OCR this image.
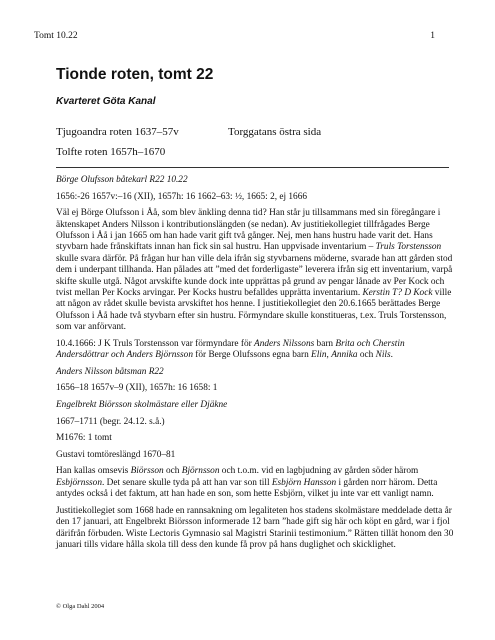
Tomt 10.22	1
Tionde roten, tomt 22
Kvarteret Göta Kanal
Tjugoandra roten 1637–57v	Torggatans östra sida
Tolfte roten 1657h–1670

Börge Olufsson båtekarl R22 10.22

1656:-26 1657v:–16 (XII), 1657h: 16 1662–63: ½, 1665: 2, ej 1666

Väl ej Börge Olufsson i Åå, som blev änkling denna tid? Han står ju tillsammans med sin föregångare i äktenskapet Anders Nilsson i kontributionslängden (se nedan). Av justitiekollegiet tillfrågades Berge Olufsson i Åå i jan 1665 om han hade varit gift två gånger. Nej, men hans hustru hade varit det. Hans styvbarn hade frånskiftats innan han fick sin sal hustru. Han uppvisade inventarium – Truls Torstensson skulle svara därför. På frågan hur han ville dela ifrån sig styvbarnens möderne, svarade han att gården stod dem i underpant tillhanda. Han pålades att ”med det forderligaste” leverera ifrån sig ett inventarium, varpå skifte skulle utgå. Något arvskifte kunde dock inte upprättas på grund av pengar lånade av Per Kock och tvist mellan Per Kocks arvingar. Per Kocks hustru befalldes upprätta inventarium. Kerstin T? D Kock ville att någon av rådet skulle bevista arvskiftet hos henne. I justitiekollegiet den 20.6.1665 berättades Berge Olufsson i Åå hade två styvbarn efter sin hustru. Förmyndare skulle konstitueras, t.ex. Truls Torstensson, som var anförvant.

10.4.1666: J K Truls Torstensson var förmyndare för Anders Nilssons barn Brita och Cherstin Andersdöttrar och Anders Björnsson för Berge Olufssons egna barn Elin, Annika och Nils.

Anders Nilsson båtsman R22

1656–18 1657v–9 (XII), 1657h: 16 1658: 1

Engelbrekt Biörsson skolmästare eller Djäkne

1667–1711 (begr. 24.12. s.å.)

M1676: 1 tomt

Gustavi tomtöreslängd 1670–81

Han kallas omsevis Biörsson och Björnsson och t.o.m. vid en lagbjudning av gården söder härom Esbjörnsson. Det senare skulle tyda på att han var son till Esbjörn Hansson i gården norr härom. Detta antydes också i det faktum, att han hade en son, som hette Esbjörn, vilket ju inte var ett vanligt namn.

Justitiekollegiet som 1668 hade en rannsakning om legaliteten hos stadens skolmästare meddelade detta år den 17 januari, att Engelbrekt Biörsson informerade 12 barn ”hade gift sig här och köpt en gård, war i fjol därifrån förbuden. Wiste Lectoris Gymnasio sal Magistri Starinii testimonium.” Rätten tillät honom den 30 januari tills vidare hålla skola till dess den kunde få prov på hans duglighet och skicklighet.

© Olga Dahl 2004
